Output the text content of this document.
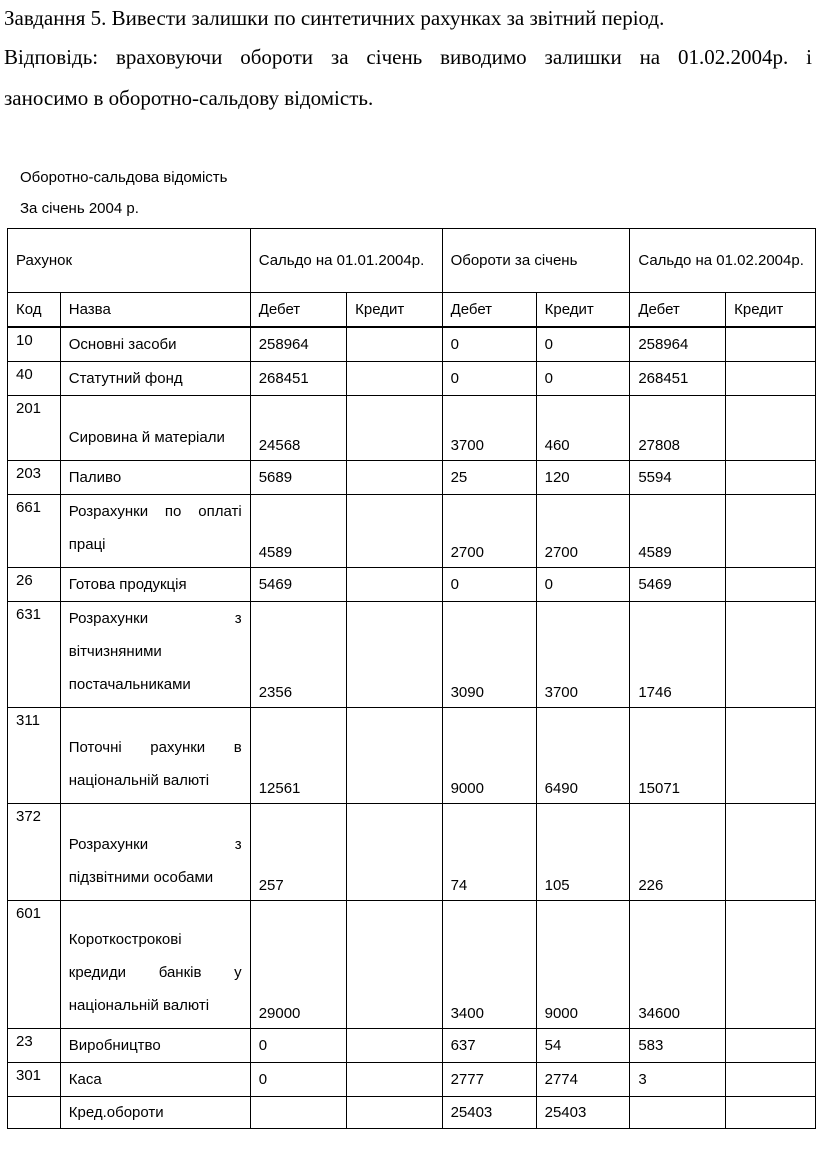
Завдання 5. Вивести залишки по синтетичних рахунках за звітний період.
Відповідь: враховуючи обороти за січень виводимо залишки на 01.02.2004р. і
заносимо в оборотно-сальдову відомість.
Оборотно-сальдова відомість
За січень 2004 р.
Рахунок		Сальдо на 01.01.2004р.		Обороти за січень		Сальдо на 01.02.2004р.	
Код	Назва	Дебет	Кредит	Дебет	Кредит	Дебет	Кредит
10	Основні засоби	258964		0	0	258964	
40	Статутний фонд	268451		0	0	268451	
201	Сировина й матеріали	24568		3700	460	27808	
203	Паливо	5689		25	120	5594	
661	Розрахунки по оплаті
праці	4589		2700	2700	4589	
26	Готова продукція	5469		0	0	5469	
631	Розрахунки з
вітчизняними
постачальниками	2356		3090	3700	1746	
311	Поточні рахунки в
національній валюті	12561		9000	6490	15071	
372	Розрахунки з
підзвітними особами	257		74	105	226	
601	Короткострокові
кредиди банків у
національній валюті	29000		3400	9000	34600	
23	Виробництво	0		637	54	583	
301	Каса	0		2777	2774	3	
	Кред.обороти			25403	25403		
